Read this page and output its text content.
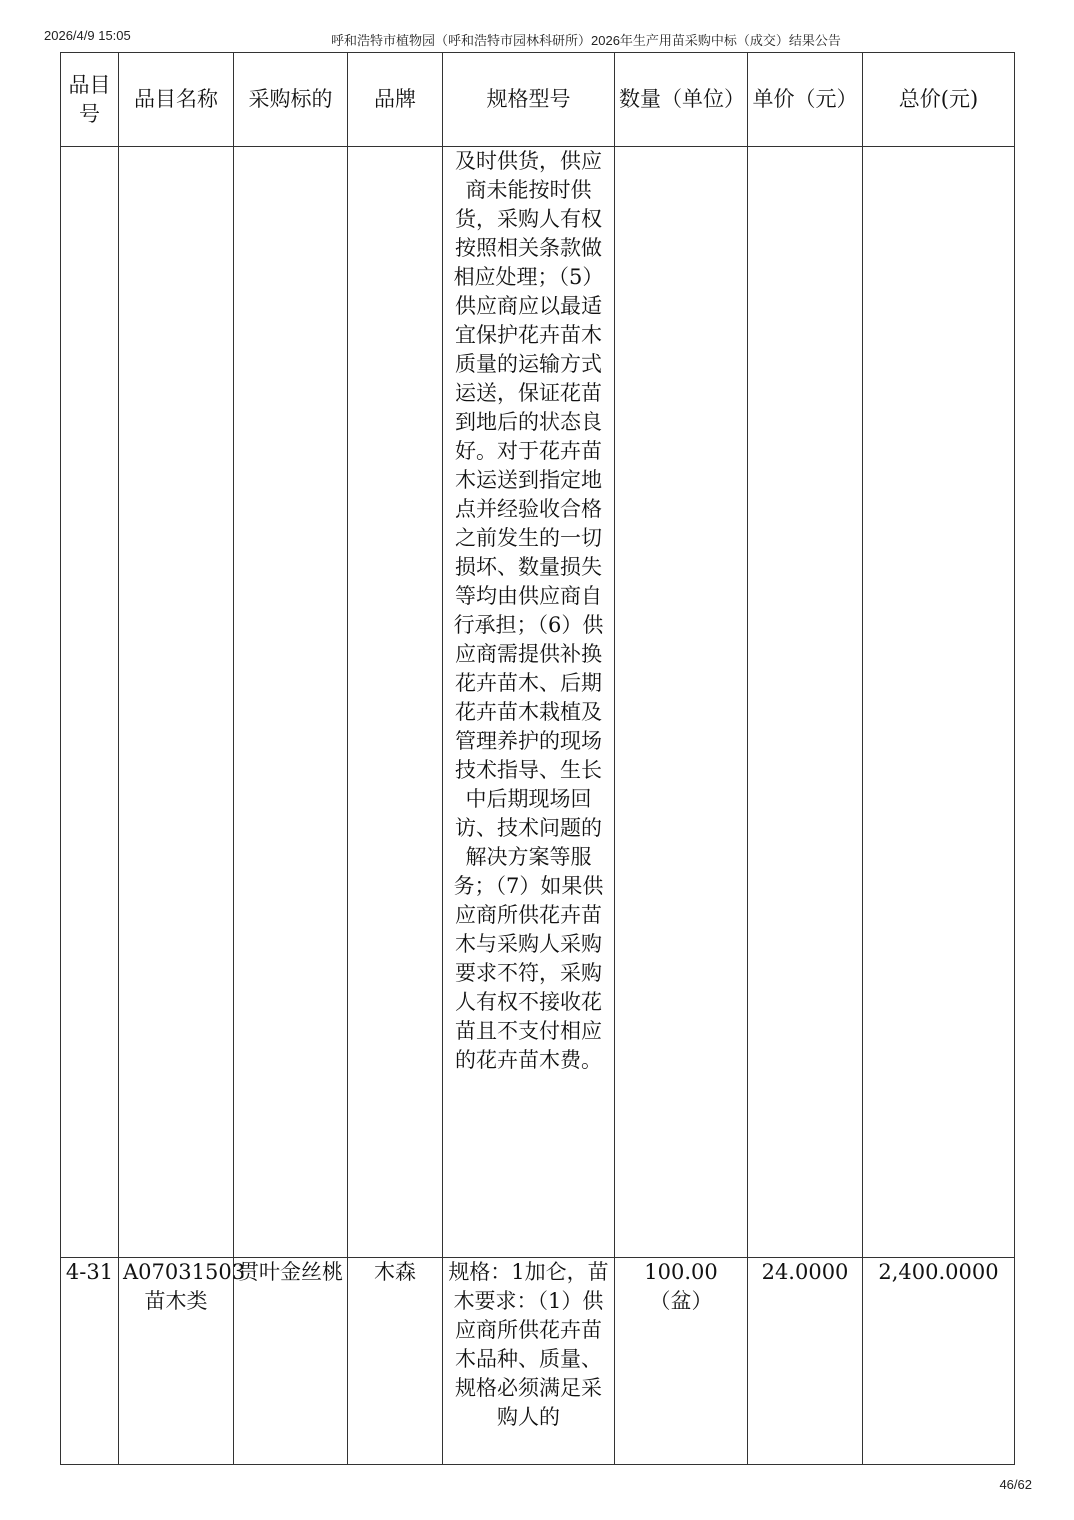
2026/4/9 15:05	呼和浩特市植物园（呼和浩特市园林科研所）2026年生产用苗采购中标（成交）结果公告
品目号	品目名称	采购标的	品牌	规格型号	数量（单位）	单价（元）	总价(元)
				及时供货，供应商未能按时供货，采购人有权按照相关条款做相应处理；（5）供应商应以最适宜保护花卉苗木质量的运输方式运送，保证花苗到地后的状态良好。对于花卉苗木运送到指定地点并经验收合格之前发生的一切损坏、数量损失等均由供应商自行承担；（6）供应商需提供补换花卉苗木、后期花卉苗木栽植及管理养护的现场技术指导、生长中后期现场回访、技术问题的解决方案等服务；（7）如果供应商所供花卉苗木与采购人采购要求不符，采购人有权不接收花苗且不支付相应的花卉苗木费。			
4-31	A07031503 苗木类	贯叶金丝桃	木森	规格：1加仑，苗木要求：（1）供应商所供花卉苗木品种、质量、规格必须满足采购人的	100.00（盆）	24.0000	2,400.0000
46/62
